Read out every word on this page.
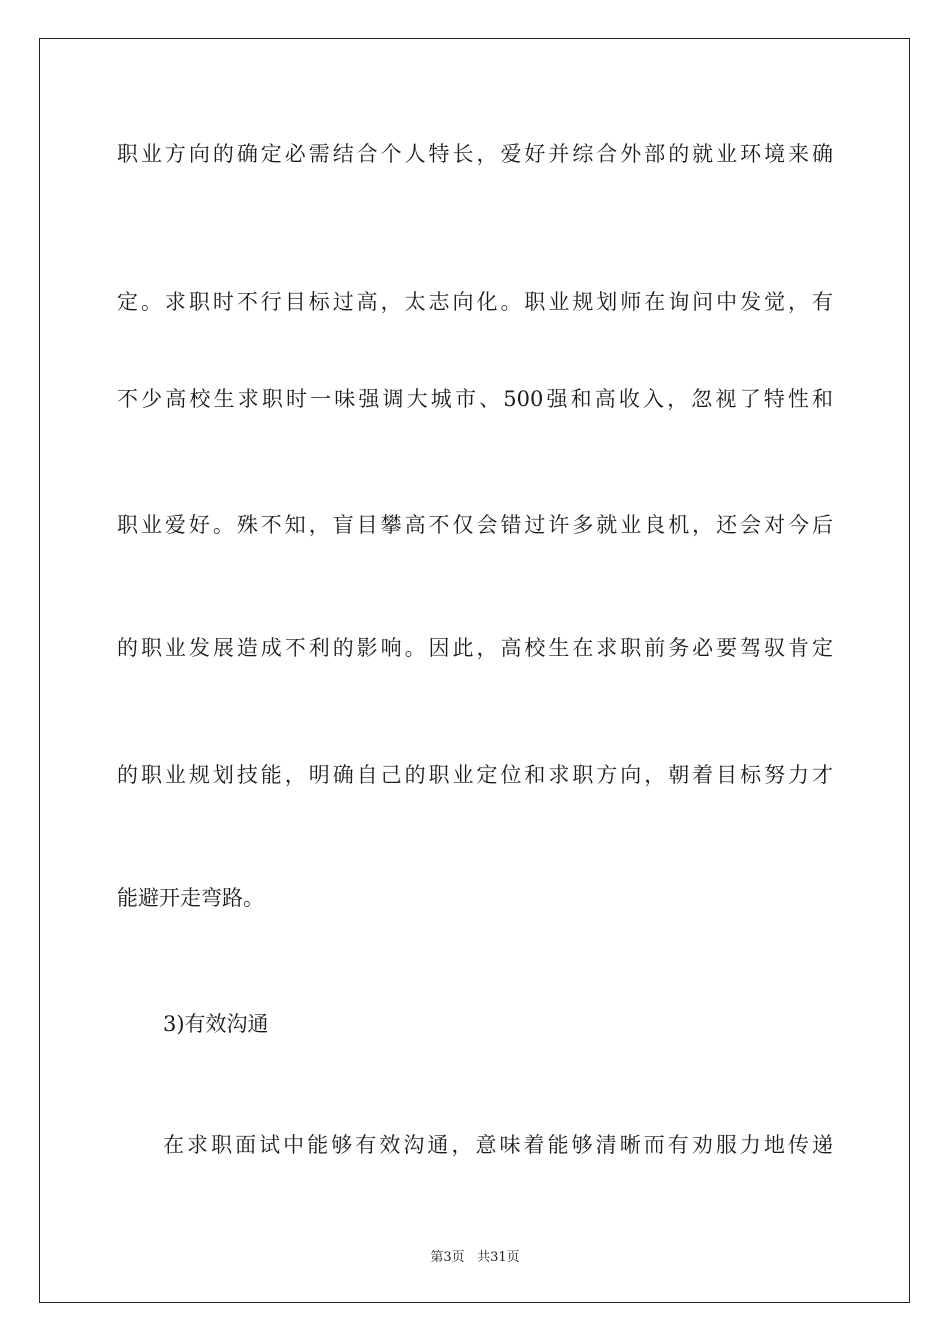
职业方向的确定必需结合个人特长，爱好并综合外部的就业环境来确
定。求职时不行目标过高，太志向化。职业规划师在询问中发觉，有
不少高校生求职时一味强调大城市、500强和高收入，忽视了特性和
职业爱好。殊不知，盲目攀高不仅会错过许多就业良机，还会对今后
的职业发展造成不利的影响。因此，高校生在求职前务必要驾驭肯定
的职业规划技能，明确自己的职业定位和求职方向，朝着目标努力才
能避开走弯路。
3)有效沟通
在求职面试中能够有效沟通，意味着能够清晰而有劝服力地传递
第3页 共31页
